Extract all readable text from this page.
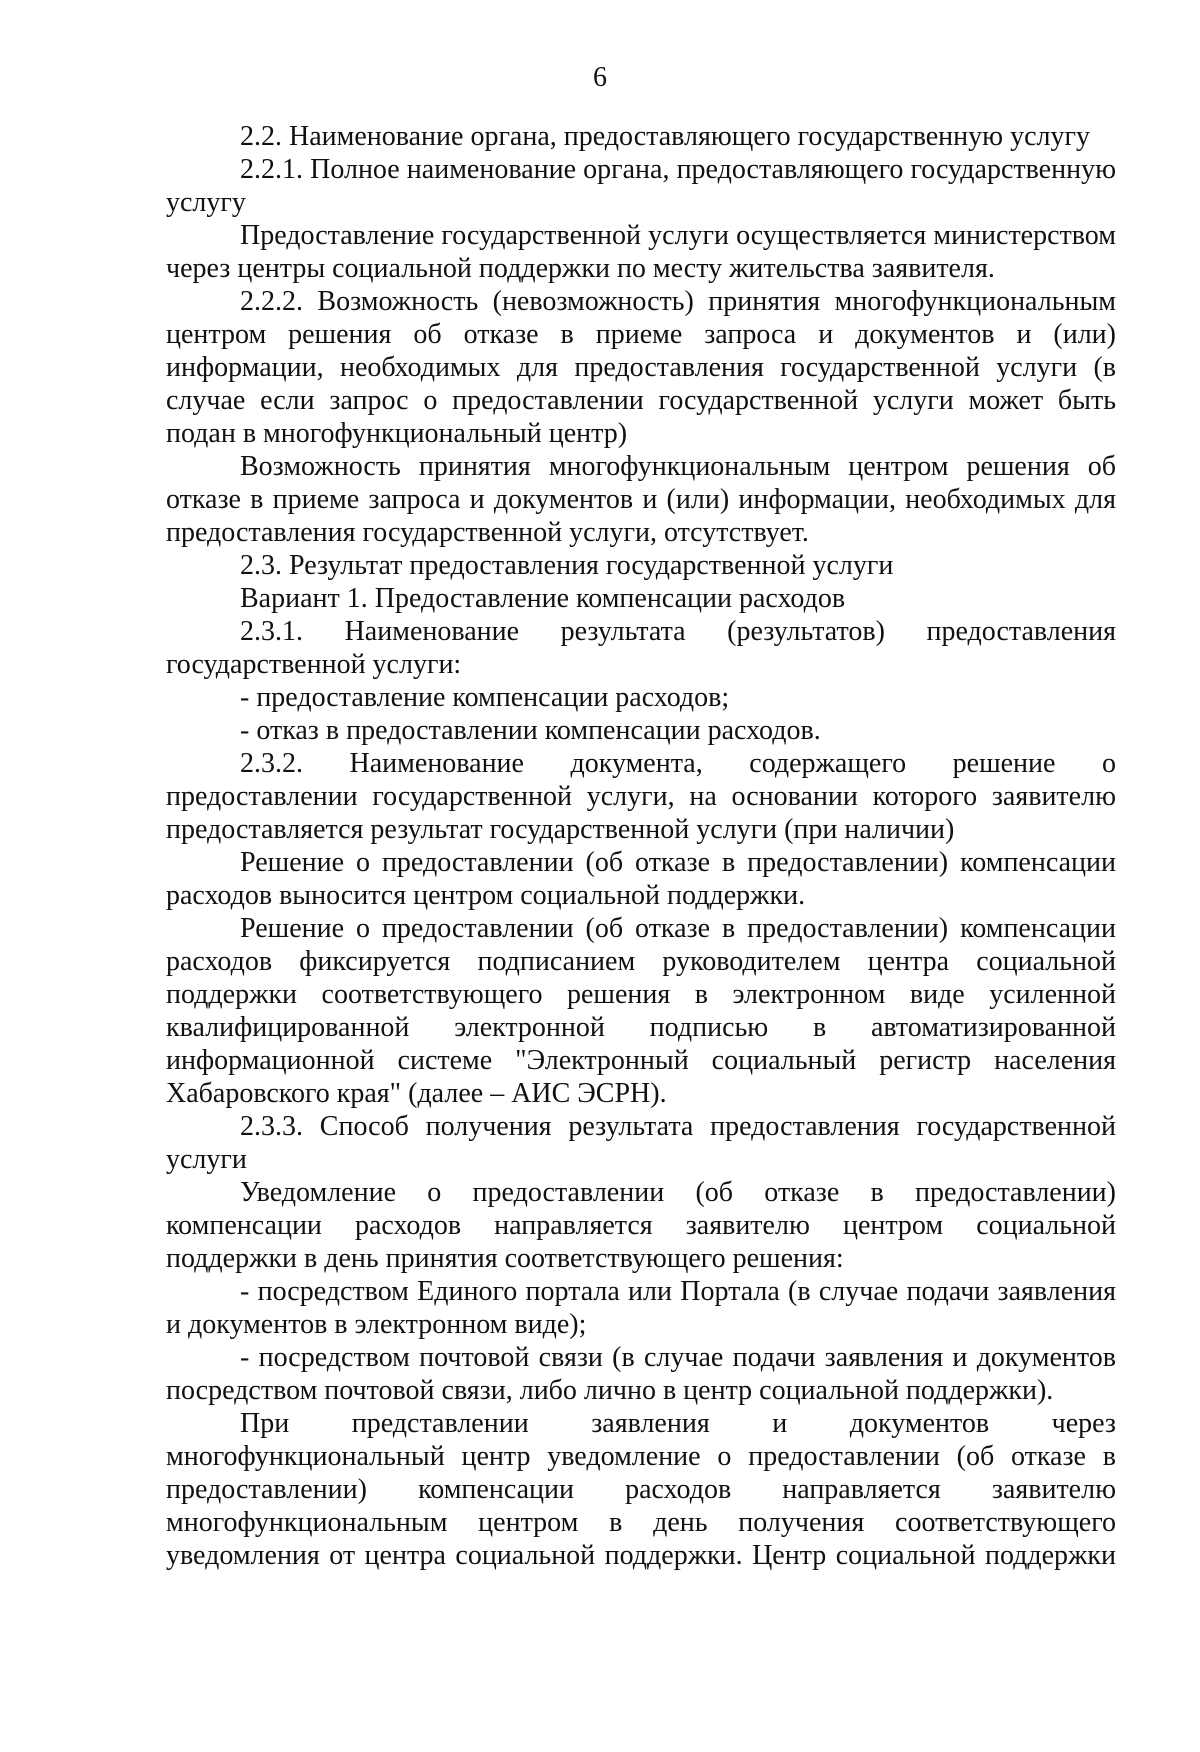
6

2.2. Наименование органа, предоставляющего государственную услугу

2.2.1. Полное наименование органа, предоставляющего государственную услугу

Предоставление государственной услуги осуществляется министерством через центры социальной поддержки по месту жительства заявителя.

2.2.2. Возможность (невозможность) принятия многофункциональным центром решения об отказе в приеме запроса и документов и (или) информации, необходимых для предоставления государственной услуги (в случае если запрос о предоставлении государственной услуги может быть подан в многофункциональный центр)

Возможность принятия многофункциональным центром решения об отказе в приеме запроса и документов и (или) информации, необходимых для предоставления государственной услуги, отсутствует.

2.3. Результат предоставления государственной услуги

Вариант 1. Предоставление компенсации расходов

2.3.1. Наименование результата (результатов) предоставления государственной услуги:

- предоставление компенсации расходов;

- отказ в предоставлении компенсации расходов.

2.3.2. Наименование документа, содержащего решение о предоставлении государственной услуги, на основании которого заявителю предоставляется результат государственной услуги (при наличии)

Решение о предоставлении (об отказе в предоставлении) компенсации расходов выносится центром социальной поддержки.

Решение о предоставлении (об отказе в предоставлении) компенсации расходов фиксируется подписанием руководителем центра социальной поддержки соответствующего решения в электронном виде усиленной квалифицированной электронной подписью в автоматизированной информационной системе "Электронный социальный регистр населения Хабаровского края" (далее – АИС ЭСРН).

2.3.3. Способ получения результата предоставления государственной услуги

Уведомление о предоставлении (об отказе в предоставлении) компенсации расходов направляется заявителю центром социальной поддержки в день принятия соответствующего решения:

- посредством Единого портала или Портала (в случае подачи заявления и документов в электронном виде);

- посредством почтовой связи (в случае подачи заявления и документов посредством почтовой связи, либо лично в центр социальной поддержки).

При представлении заявления и документов через многофункциональный центр уведомление о предоставлении (об отказе в предоставлении) компенсации расходов направляется заявителю многофункциональным центром в день получения соответствующего уведомления от центра социальной поддержки. Центр социальной поддержки
